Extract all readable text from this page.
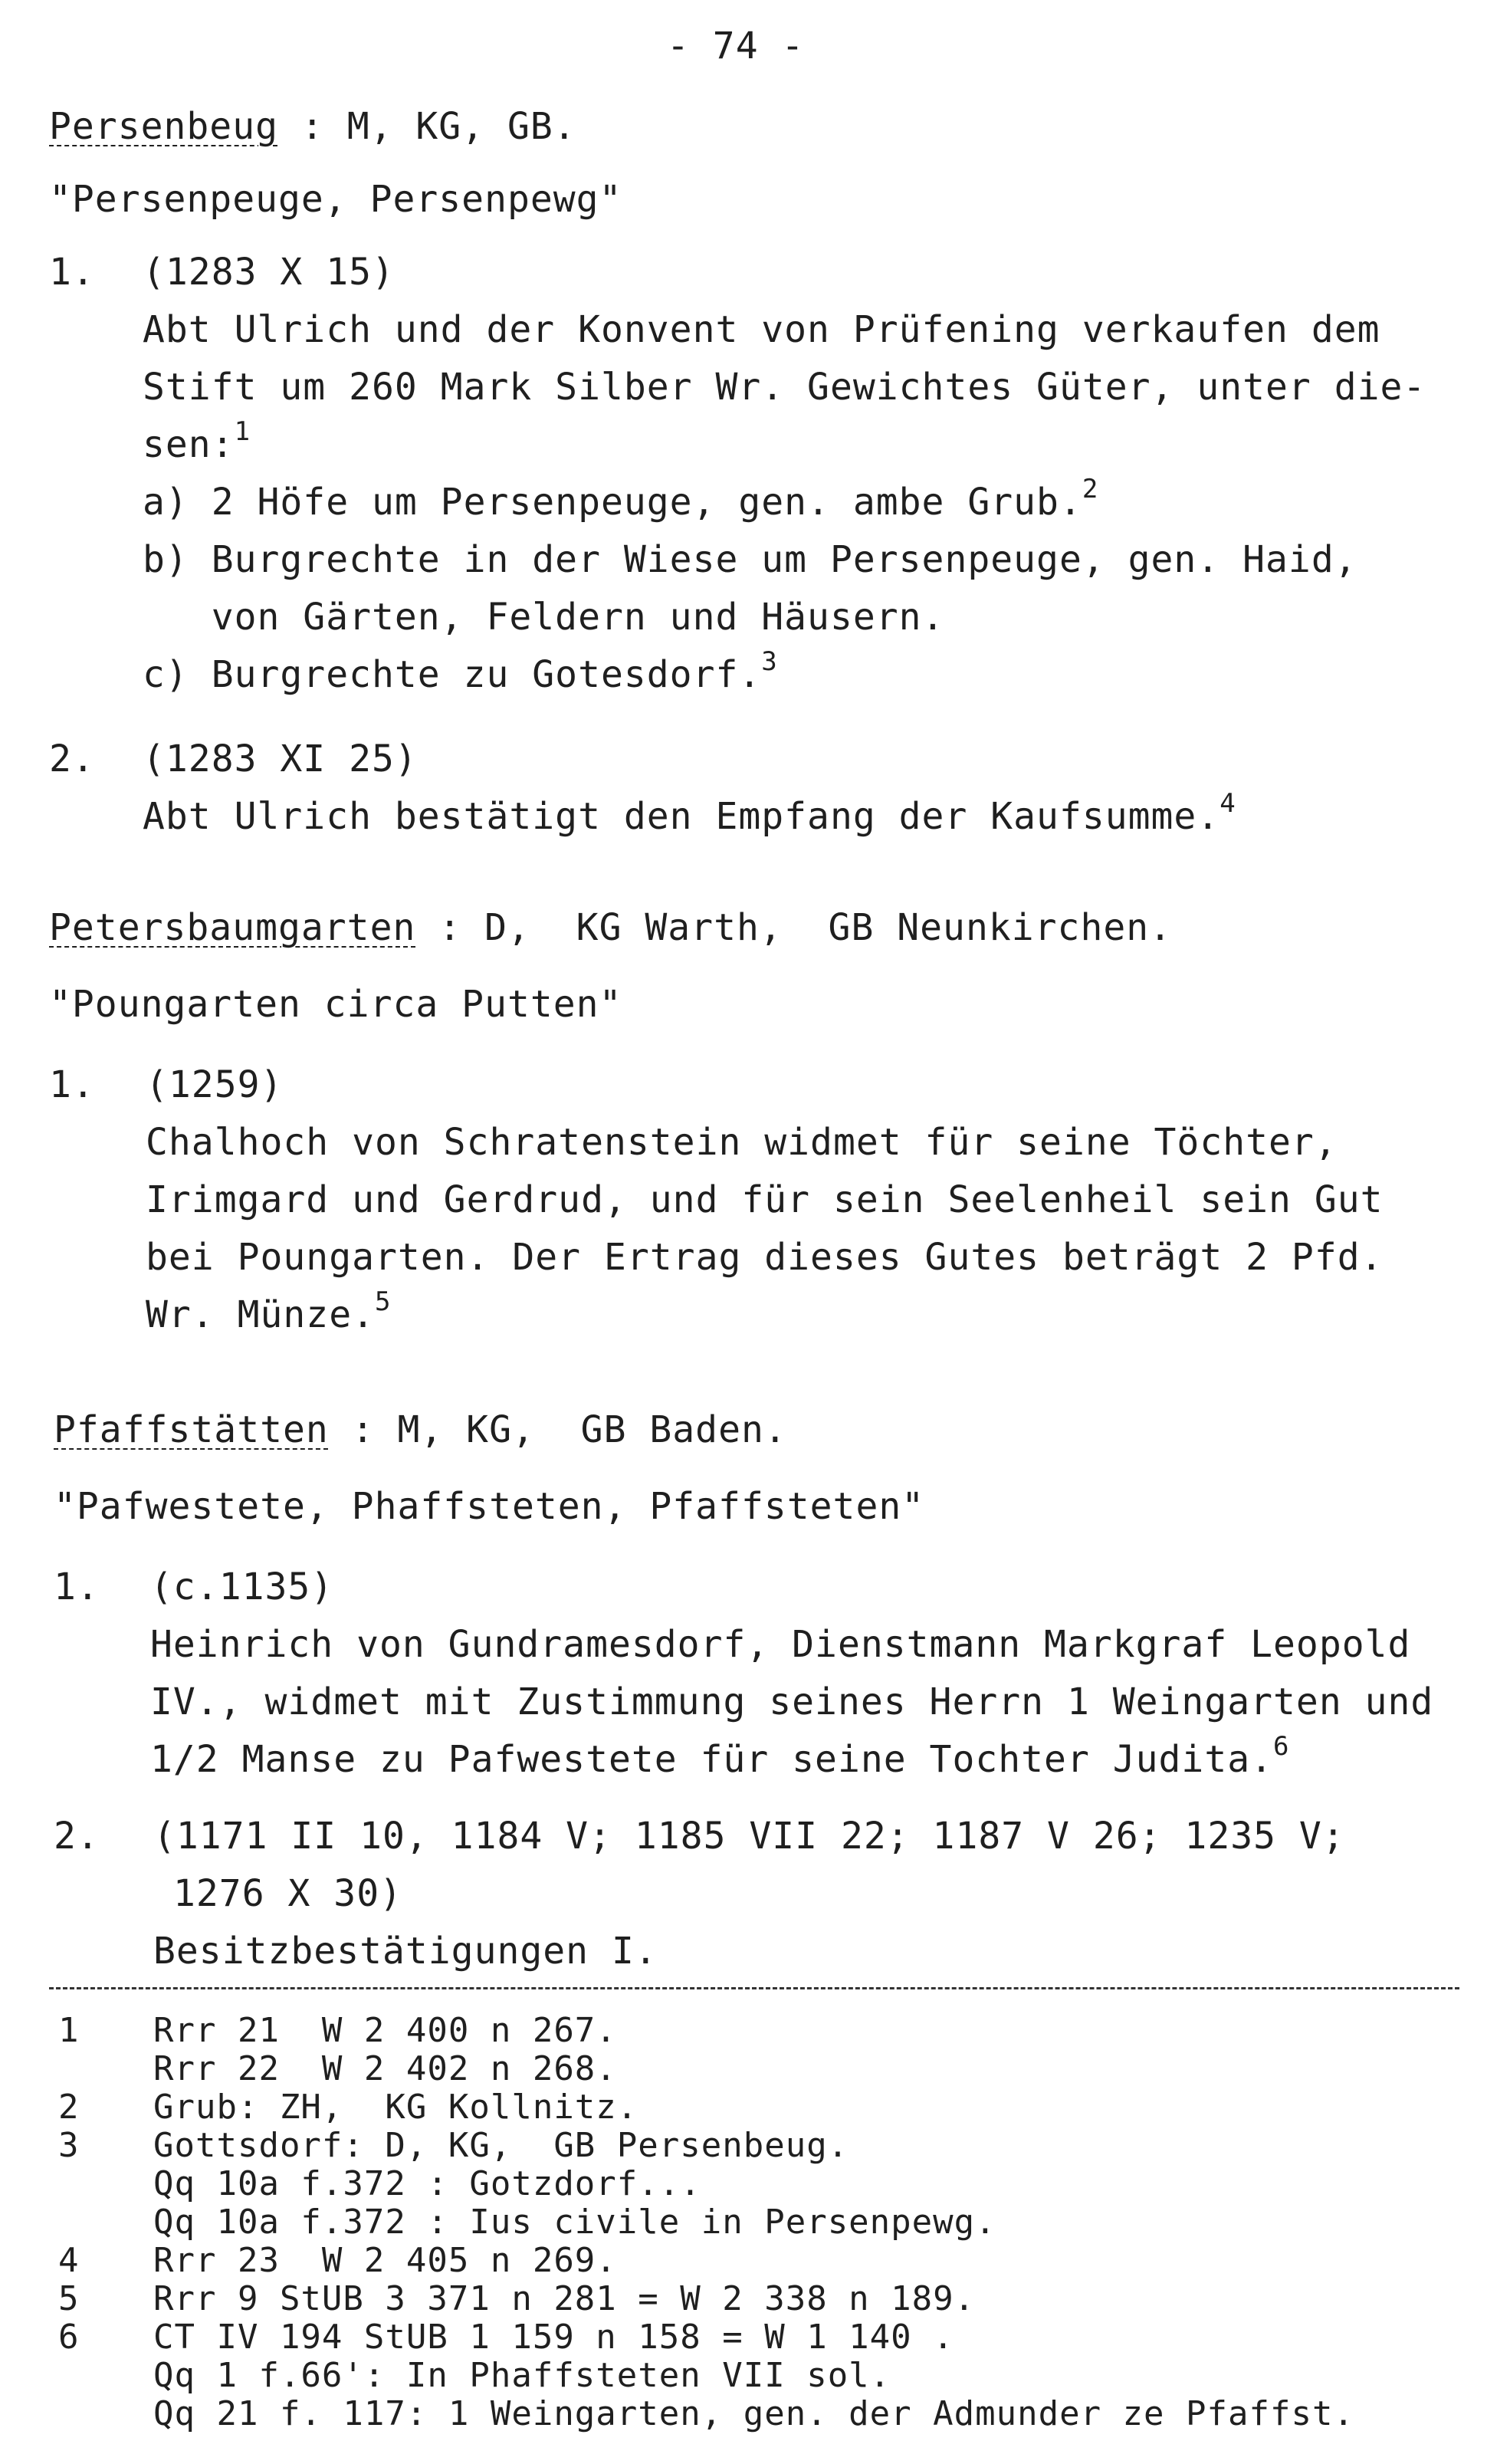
- 74 -
Persenbeug : M, KG, GB.
"Persenpeuge, Persenpewg"
1. (1283 X 15)
Abt Ulrich und der Konvent von Prüfening verkaufen dem
Stift um 260 Mark Silber Wr. Gewichtes Güter, unter die-
sen:$^1$
a) 2 Höfe um Persenpeuge, gen. ambe Grub.$^2$
b) Burgrechte in der Wiese um Persenpeuge, gen. Haid,
von Gärten, Feldern und Häusern.
c) Burgrechte zu Gotesdorf.$^3$
2. (1283 XI 25)
Abt Ulrich bestätigt den Empfang der Kaufsumme.$^4$
Petersbaumgarten : D,  KG Warth,  GB Neunkirchen.
"Poungarten circa Putten"
1. (1259)
Chalhoch von Schratenstein widmet für seine Töchter,
Irimgard und Gerdrud, und für sein Seelenheil sein Gut
bei Poungarten. Der Ertrag dieses Gutes beträgt 2 Pfd.
Wr. Münze.$^5$
Pfaffstätten : M, KG,  GB Baden.
"Pafwestete, Phaffsteten, Pfaffsteten"
1. (c.1135)
Heinrich von Gundramesdorf, Dienstmann Markgraf Leopold
IV., widmet mit Zustimmung seines Herrn 1 Weingarten und
1/2 Manse zu Pafwestete für seine Tochter Judita.$^6$
2. (1171 II 10, 1184 V; 1185 VII 22; 1187 V 26; 1235 V;
1276 X 30)
Besitzbestätigungen I.
1 Rrr 21  W 2 400 n 267.
Rrr 22  W 2 402 n 268.
2 Grub: ZH,  KG Kollnitz.
3 Gottsdorf: D, KG,  GB Persenbeug.
Qq 10a f.372 : Gotzdorf...
Qq 10a f.372 : Ius civile in Persenpewg.
4 Rrr 23  W 2 405 n 269.
5 Rrr 9 StUB 3 371 n 281 = W 2 338 n 189.
6 CT IV 194 StUB 1 159 n 158 = W 1 140 .
Qq 1 f.66': In Phaffsteten VII sol.
Qq 21 f. 117: 1 Weingarten, gen. der Admunder ze Pfaffst.
